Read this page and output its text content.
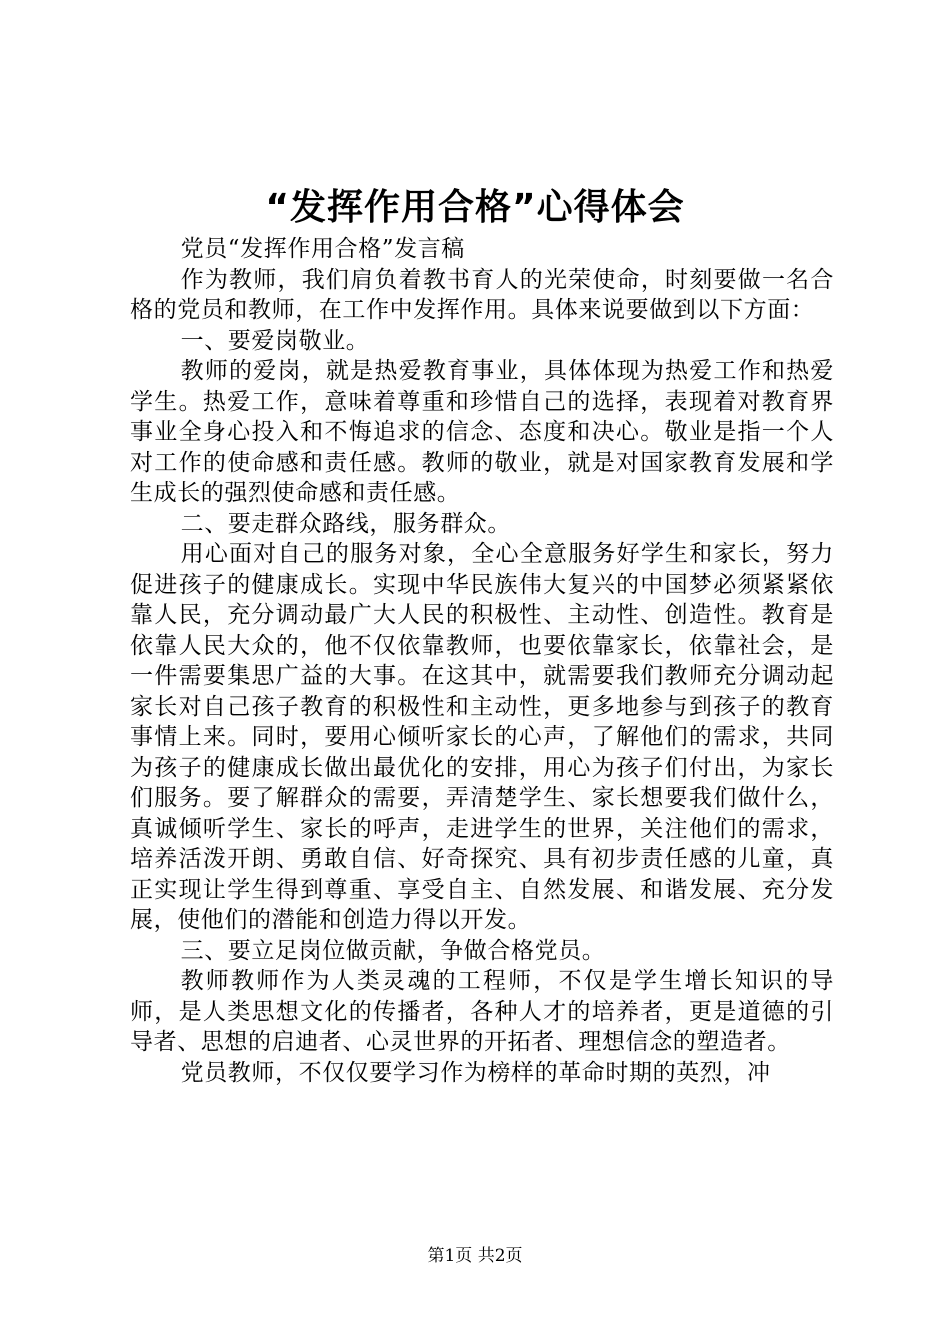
“发挥作用合格”心得体会

党员“发挥作用合格”发言稿

作为教师，我们肩负着教书育人的光荣使命，时刻要做一名合格的党员和教师，在工作中发挥作用。具体来说要做到以下方面：

一、要爱岗敬业。

教师的爱岗，就是热爱教育事业，具体体现为热爱工作和热爱学生。热爱工作，意味着尊重和珍惜自己的选择，表现着对教育界事业全身心投入和不悔追求的信念、态度和决心。敬业是指一个人对工作的使命感和责任感。教师的敬业，就是对国家教育发展和学生成长的强烈使命感和责任感。

二、要走群众路线，服务群众。

用心面对自己的服务对象，全心全意服务好学生和家长，努力促进孩子的健康成长。实现中华民族伟大复兴的中国梦必须紧紧依靠人民，充分调动最广大人民的积极性、主动性、创造性。教育是依靠人民大众的，他不仅依靠教师，也要依靠家长，依靠社会，是一件需要集思广益的大事。在这其中，就需要我们教师充分调动起家长对自己孩子教育的积极性和主动性，更多地参与到孩子的教育事情上来。同时，要用心倾听家长的心声，了解他们的需求，共同为孩子的健康成长做出最优化的安排，用心为孩子们付出，为家长们服务。要了解群众的需要，弄清楚学生、家长想要我们做什么，真诚倾听学生、家长的呼声，走进学生的世界，关注他们的需求，培养活泼开朗、勇敢自信、好奇探究、具有初步责任感的儿童，真正实现让学生得到尊重、享受自主、自然发展、和谐发展、充分发展，使他们的潜能和创造力得以开发。

三、要立足岗位做贡献，争做合格党员。

教师教师作为人类灵魂的工程师，不仅是学生增长知识的导师，是人类思想文化的传播者，各种人才的培养者，更是道德的引导者、思想的启迪者、心灵世界的开拓者、理想信念的塑造者。

党员教师，不仅仅要学习作为榜样的革命时期的英烈，冲

第1页 共2页
